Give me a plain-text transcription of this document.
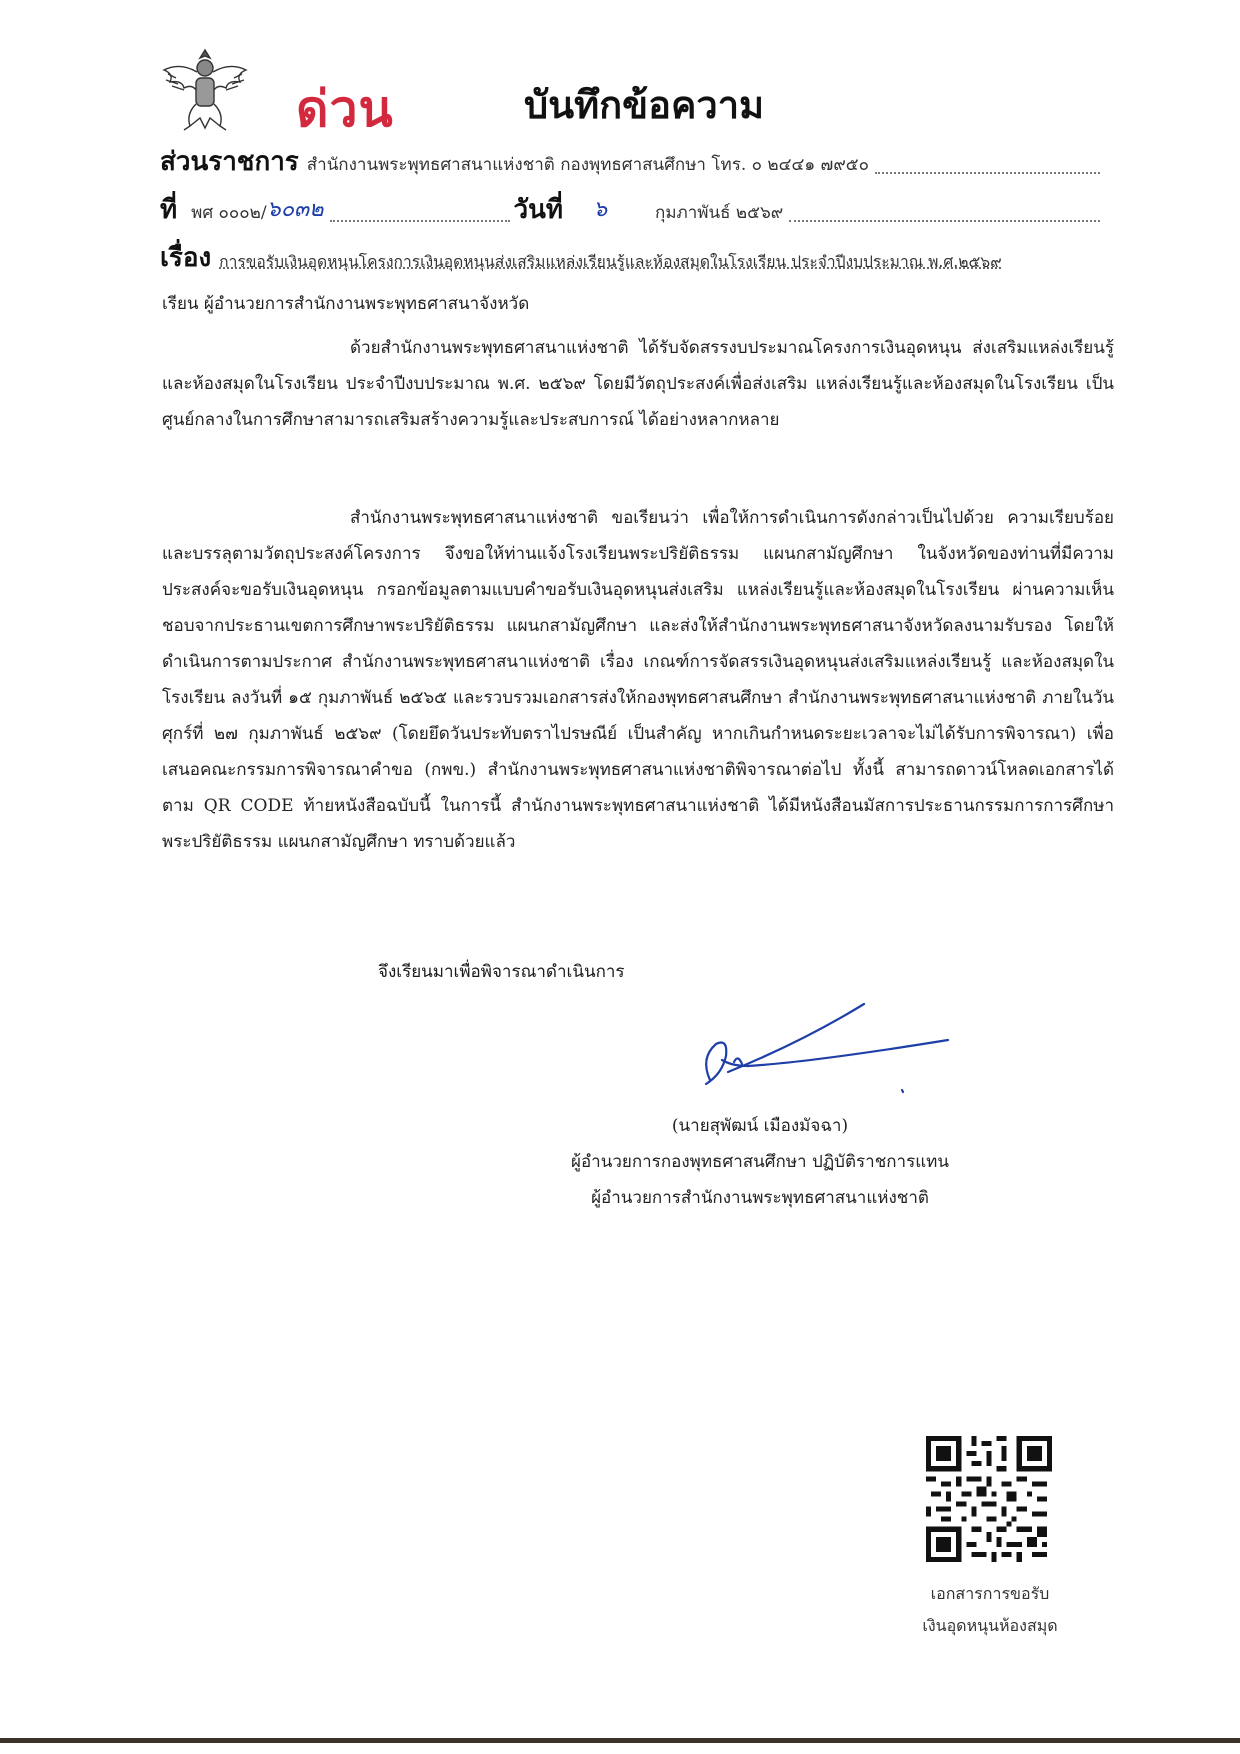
ด่วน	บันทึกข้อความ
ส่วนราชการ สำนักงานพระพุทธศาสนาแห่งชาติ กองพุทธศาสนศึกษา โทร. ๐ ๒๔๔๑ ๗๙๕๐
ที่ พศ ๐๐๐๒/ ๖๐๓๒	วันที่ ๖	กุมภาพันธ์ ๒๕๖๙
เรื่อง การขอรับเงินอุดหนุนโครงการเงินอุดหนุนส่งเสริมแหล่งเรียนรู้และห้องสมุดในโรงเรียน ประจำปีงบประมาณ พ.ศ.๒๕๖๙
เรียน ผู้อำนวยการสำนักงานพระพุทธศาสนาจังหวัด
ด้วยสำนักงานพระพุทธศาสนาแห่งชาติ ได้รับจัดสรรงบประมาณโครงการเงินอุดหนุน ส่งเสริมแหล่งเรียนรู้และห้องสมุดในโรงเรียน ประจำปีงบประมาณ พ.ศ. ๒๕๖๙ โดยมีวัตถุประสงค์เพื่อส่งเสริม แหล่งเรียนรู้และห้องสมุดในโรงเรียน เป็นศูนย์กลางในการศึกษาสามารถเสริมสร้างความรู้และประสบการณ์ ได้อย่างหลากหลาย
สำนักงานพระพุทธศาสนาแห่งชาติ ขอเรียนว่า เพื่อให้การดำเนินการดังกล่าวเป็นไปด้วย ความเรียบร้อยและบรรลุตามวัตถุประสงค์โครงการ จึงขอให้ท่านแจ้งโรงเรียนพระปริยัติธรรม แผนกสามัญศึกษา ในจังหวัดของท่านที่มีความประสงค์จะขอรับเงินอุดหนุน กรอกข้อมูลตามแบบคำขอรับเงินอุดหนุนส่งเสริม แหล่งเรียนรู้และห้องสมุดในโรงเรียน ผ่านความเห็นชอบจากประธานเขตการศึกษาพระปริยัติธรรม แผนกสามัญศึกษา และส่งให้สำนักงานพระพุทธศาสนาจังหวัดลงนามรับรอง โดยให้ดำเนินการตามประกาศ สำนักงานพระพุทธศาสนาแห่งชาติ เรื่อง เกณฑ์การจัดสรรเงินอุดหนุนส่งเสริมแหล่งเรียนรู้ และห้องสมุดในโรงเรียน ลงวันที่ ๑๕ กุมภาพันธ์ ๒๕๖๕ และรวบรวมเอกสารส่งให้กองพุทธศาสนศึกษา สำนักงานพระพุทธศาสนาแห่งชาติ ภายในวันศุกร์ที่ ๒๗ กุมภาพันธ์ ๒๕๖๙ (โดยยึดวันประทับตราไปรษณีย์ เป็นสำคัญ หากเกินกำหนดระยะเวลาจะไม่ได้รับการพิจารณา) เพื่อเสนอคณะกรรมการพิจารณาคำขอ (กพข.) สำนักงานพระพุทธศาสนาแห่งชาติพิจารณาต่อไป ทั้งนี้ สามารถดาวน์โหลดเอกสารได้ตาม QR CODE ท้ายหนังสือฉบับนี้ ในการนี้ สำนักงานพระพุทธศาสนาแห่งชาติ ได้มีหนังสือนมัสการประธานกรรมการการศึกษา พระปริยัติธรรม แผนกสามัญศึกษา ทราบด้วยแล้ว
จึงเรียนมาเพื่อพิจารณาดำเนินการ
(นายสุพัฒน์ เมืองมัจฉา)
ผู้อำนวยการกองพุทธศาสนศึกษา ปฏิบัติราชการแทน
ผู้อำนวยการสำนักงานพระพุทธศาสนาแห่งชาติ
เอกสารการขอรับ
เงินอุดหนุนห้องสมุด
